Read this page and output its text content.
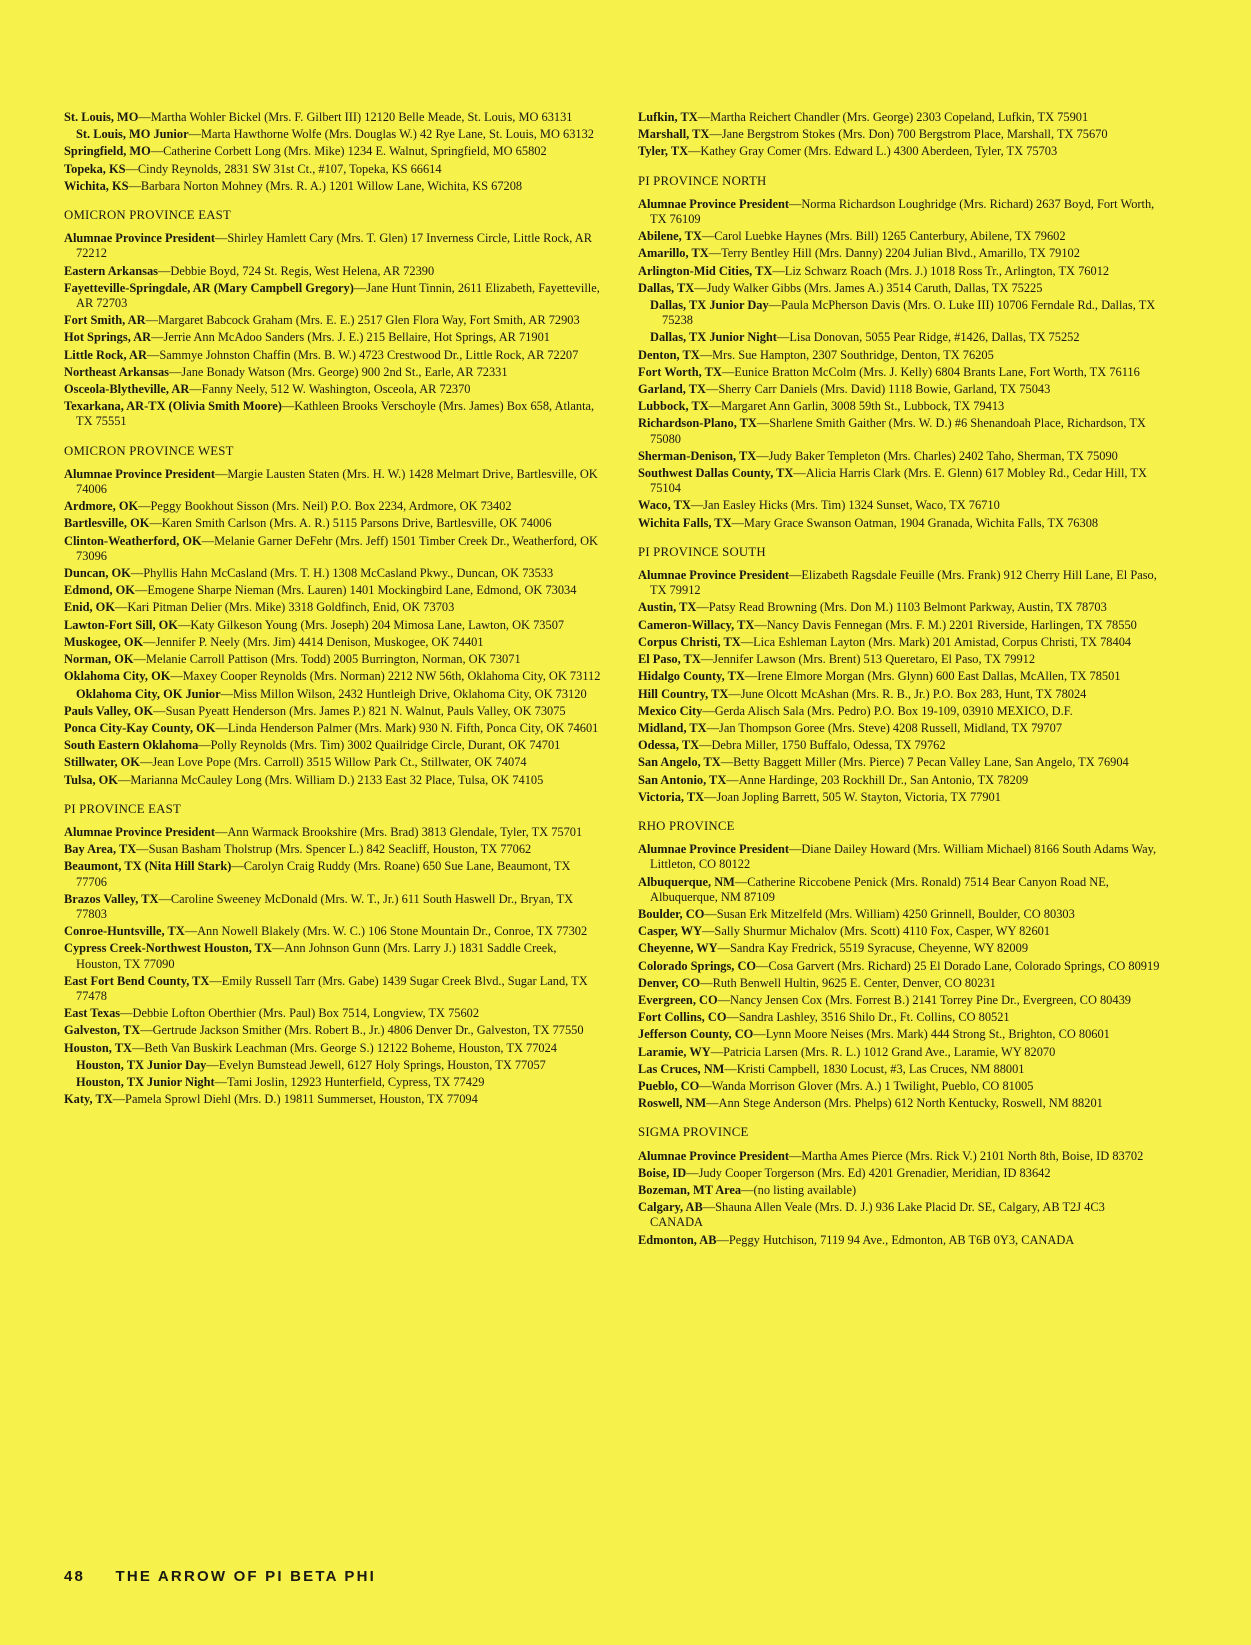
St. Louis, MO—Martha Wohler Bickel (Mrs. F. Gilbert III) 12120 Belle Meade, St. Louis, MO 63131
St. Louis, MO Junior—Marta Hawthorne Wolfe (Mrs. Douglas W.) 42 Rye Lane, St. Louis, MO 63132
Springfield, MO—Catherine Corbett Long (Mrs. Mike) 1234 E. Walnut, Springfield, MO 65802
Topeka, KS—Cindy Reynolds, 2831 SW 31st Ct., #107, Topeka, KS 66614
Wichita, KS—Barbara Norton Mohney (Mrs. R. A.) 1201 Willow Lane, Wichita, KS 67208
OMICRON PROVINCE EAST
Alumnae Province President—Shirley Hamlett Cary (Mrs. T. Glen) 17 Inverness Circle, Little Rock, AR 72212
Eastern Arkansas—Debbie Boyd, 724 St. Regis, West Helena, AR 72390
Fayetteville-Springdale, AR (Mary Campbell Gregory)—Jane Hunt Tinnin, 2611 Elizabeth, Fayetteville, AR 72703
Fort Smith, AR—Margaret Babcock Graham (Mrs. E. E.) 2517 Glen Flora Way, Fort Smith, AR 72903
Hot Springs, AR—Jerrie Ann McAdoo Sanders (Mrs. J. E.) 215 Bellaire, Hot Springs, AR 71901
Little Rock, AR—Sammye Johnston Chaffin (Mrs. B. W.) 4723 Crestwood Dr., Little Rock, AR 72207
Northeast Arkansas—Jane Bonady Watson (Mrs. George) 900 2nd St., Earle, AR 72331
Osceola-Blytheville, AR—Fanny Neely, 512 W. Washington, Osceola, AR 72370
Texarkana, AR-TX (Olivia Smith Moore)—Kathleen Brooks Verschoyle (Mrs. James) Box 658, Atlanta, TX 75551
OMICRON PROVINCE WEST
Alumnae Province President—Margie Lausten Staten (Mrs. H. W.) 1428 Melmart Drive, Bartlesville, OK 74006
Ardmore, OK—Peggy Bookhout Sisson (Mrs. Neil) P.O. Box 2234, Ardmore, OK 73402
Bartlesville, OK—Karen Smith Carlson (Mrs. A. R.) 5115 Parsons Drive, Bartlesville, OK 74006
Clinton-Weatherford, OK—Melanie Garner DeFehr (Mrs. Jeff) 1501 Timber Creek Dr., Weatherford, OK 73096
Duncan, OK—Phyllis Hahn McCasland (Mrs. T. H.) 1308 McCasland Pkwy., Duncan, OK 73533
Edmond, OK—Emogene Sharpe Nieman (Mrs. Lauren) 1401 Mockingbird Lane, Edmond, OK 73034
Enid, OK—Kari Pitman Delier (Mrs. Mike) 3318 Goldfinch, Enid, OK 73703
Lawton-Fort Sill, OK—Katy Gilkeson Young (Mrs. Joseph) 204 Mimosa Lane, Lawton, OK 73507
Muskogee, OK—Jennifer P. Neely (Mrs. Jim) 4414 Denison, Muskogee, OK 74401
Norman, OK—Melanie Carroll Pattison (Mrs. Todd) 2005 Burrington, Norman, OK 73071
Oklahoma City, OK—Maxey Cooper Reynolds (Mrs. Norman) 2212 NW 56th, Oklahoma City, OK 73112
Oklahoma City, OK Junior—Miss Millon Wilson, 2432 Huntleigh Drive, Oklahoma City, OK 73120
Pauls Valley, OK—Susan Pyeatt Henderson (Mrs. James P.) 821 N. Walnut, Pauls Valley, OK 73075
Ponca City-Kay County, OK—Linda Henderson Palmer (Mrs. Mark) 930 N. Fifth, Ponca City, OK 74601
South Eastern Oklahoma—Polly Reynolds (Mrs. Tim) 3002 Quailridge Circle, Durant, OK 74701
Stillwater, OK—Jean Love Pope (Mrs. Carroll) 3515 Willow Park Ct., Stillwater, OK 74074
Tulsa, OK—Marianna McCauley Long (Mrs. William D.) 2133 East 32 Place, Tulsa, OK 74105
PI PROVINCE EAST
Alumnae Province President—Ann Warmack Brookshire (Mrs. Brad) 3813 Glendale, Tyler, TX 75701
Bay Area, TX—Susan Basham Tholstrup (Mrs. Spencer L.) 842 Seacliff, Houston, TX 77062
Beaumont, TX (Nita Hill Stark)—Carolyn Craig Ruddy (Mrs. Roane) 650 Sue Lane, Beaumont, TX 77706
Brazos Valley, TX—Caroline Sweeney McDonald (Mrs. W. T., Jr.) 611 South Haswell Dr., Bryan, TX 77803
Conroe-Huntsville, TX—Ann Nowell Blakely (Mrs. W. C.) 106 Stone Mountain Dr., Conroe, TX 77302
Cypress Creek-Northwest Houston, TX—Ann Johnson Gunn (Mrs. Larry J.) 1831 Saddle Creek, Houston, TX 77090
East Fort Bend County, TX—Emily Russell Tarr (Mrs. Gabe) 1439 Sugar Creek Blvd., Sugar Land, TX 77478
East Texas—Debbie Lofton Oberthier (Mrs. Paul) Box 7514, Longview, TX 75602
Galveston, TX—Gertrude Jackson Smither (Mrs. Robert B., Jr.) 4806 Denver Dr., Galveston, TX 77550
Houston, TX—Beth Van Buskirk Leachman (Mrs. George S.) 12122 Boheme, Houston, TX 77024
Houston, TX Junior Day—Evelyn Bumstead Jewell, 6127 Holy Springs, Houston, TX 77057
Houston, TX Junior Night—Tami Joslin, 12923 Hunterfield, Cypress, TX 77429
Katy, TX—Pamela Sprowl Diehl (Mrs. D.) 19811 Summerset, Houston, TX 77094
Lufkin, TX—Martha Reichert Chandler (Mrs. George) 2303 Copeland, Lufkin, TX 75901
Marshall, TX—Jane Bergstrom Stokes (Mrs. Don) 700 Bergstrom Place, Marshall, TX 75670
Tyler, TX—Kathey Gray Comer (Mrs. Edward L.) 4300 Aberdeen, Tyler, TX 75703
PI PROVINCE NORTH
Alumnae Province President—Norma Richardson Loughridge (Mrs. Richard) 2637 Boyd, Fort Worth, TX 76109
Abilene, TX—Carol Luebke Haynes (Mrs. Bill) 1265 Canterbury, Abilene, TX 79602
Amarillo, TX—Terry Bentley Hill (Mrs. Danny) 2204 Julian Blvd., Amarillo, TX 79102
Arlington-Mid Cities, TX—Liz Schwarz Roach (Mrs. J.) 1018 Ross Tr., Arlington, TX 76012
Dallas, TX—Judy Walker Gibbs (Mrs. James A.) 3514 Caruth, Dallas, TX 75225
Dallas, TX Junior Day—Paula McPherson Davis (Mrs. O. Luke III) 10706 Ferndale Rd., Dallas, TX 75238
Dallas, TX Junior Night—Lisa Donovan, 5055 Pear Ridge, #1426, Dallas, TX 75252
Denton, TX—Mrs. Sue Hampton, 2307 Southridge, Denton, TX 76205
Fort Worth, TX—Eunice Bratton McColm (Mrs. J. Kelly) 6804 Brants Lane, Fort Worth, TX 76116
Garland, TX—Sherry Carr Daniels (Mrs. David) 1118 Bowie, Garland, TX 75043
Lubbock, TX—Margaret Ann Garlin, 3008 59th St., Lubbock, TX 79413
Richardson-Plano, TX—Sharlene Smith Gaither (Mrs. W. D.) #6 Shenandoah Place, Richardson, TX 75080
Sherman-Denison, TX—Judy Baker Templeton (Mrs. Charles) 2402 Taho, Sherman, TX 75090
Southwest Dallas County, TX—Alicia Harris Clark (Mrs. E. Glenn) 617 Mobley Rd., Cedar Hill, TX 75104
Waco, TX—Jan Easley Hicks (Mrs. Tim) 1324 Sunset, Waco, TX 76710
Wichita Falls, TX—Mary Grace Swanson Oatman, 1904 Granada, Wichita Falls, TX 76308
PI PROVINCE SOUTH
Alumnae Province President—Elizabeth Ragsdale Feuille (Mrs. Frank) 912 Cherry Hill Lane, El Paso, TX 79912
Austin, TX—Patsy Read Browning (Mrs. Don M.) 1103 Belmont Parkway, Austin, TX 78703
Cameron-Willacy, TX—Nancy Davis Fennegan (Mrs. F. M.) 2201 Riverside, Harlingen, TX 78550
Corpus Christi, TX—Lica Eshleman Layton (Mrs. Mark) 201 Amistad, Corpus Christi, TX 78404
El Paso, TX—Jennifer Lawson (Mrs. Brent) 513 Queretaro, El Paso, TX 79912
Hidalgo County, TX—Irene Elmore Morgan (Mrs. Glynn) 600 East Dallas, McAllen, TX 78501
Hill Country, TX—June Olcott McAshan (Mrs. R. B., Jr.) P.O. Box 283, Hunt, TX 78024
Mexico City—Gerda Alisch Sala (Mrs. Pedro) P.O. Box 19-109, 03910 MEXICO, D.F.
Midland, TX—Jan Thompson Goree (Mrs. Steve) 4208 Russell, Midland, TX 79707
Odessa, TX—Debra Miller, 1750 Buffalo, Odessa, TX 79762
San Angelo, TX—Betty Baggett Miller (Mrs. Pierce) 7 Pecan Valley Lane, San Angelo, TX 76904
San Antonio, TX—Anne Hardinge, 203 Rockhill Dr., San Antonio, TX 78209
Victoria, TX—Joan Jopling Barrett, 505 W. Stayton, Victoria, TX 77901
RHO PROVINCE
Alumnae Province President—Diane Dailey Howard (Mrs. William Michael) 8166 South Adams Way, Littleton, CO 80122
Albuquerque, NM—Catherine Riccobene Penick (Mrs. Ronald) 7514 Bear Canyon Road NE, Albuquerque, NM 87109
Boulder, CO—Susan Erk Mitzelfeld (Mrs. William) 4250 Grinnell, Boulder, CO 80303
Casper, WY—Sally Shurmur Michalov (Mrs. Scott) 4110 Fox, Casper, WY 82601
Cheyenne, WY—Sandra Kay Fredrick, 5519 Syracuse, Cheyenne, WY 82009
Colorado Springs, CO—Cosa Garvert (Mrs. Richard) 25 El Dorado Lane, Colorado Springs, CO 80919
Denver, CO—Ruth Benwell Hultin, 9625 E. Center, Denver, CO 80231
Evergreen, CO—Nancy Jensen Cox (Mrs. Forrest B.) 2141 Torrey Pine Dr., Evergreen, CO 80439
Fort Collins, CO—Sandra Lashley, 3516 Shilo Dr., Ft. Collins, CO 80521
Jefferson County, CO—Lynn Moore Neises (Mrs. Mark) 444 Strong St., Brighton, CO 80601
Laramie, WY—Patricia Larsen (Mrs. R. L.) 1012 Grand Ave., Laramie, WY 82070
Las Cruces, NM—Kristi Campbell, 1830 Locust, #3, Las Cruces, NM 88001
Pueblo, CO—Wanda Morrison Glover (Mrs. A.) 1 Twilight, Pueblo, CO 81005
Roswell, NM—Ann Stege Anderson (Mrs. Phelps) 612 North Kentucky, Roswell, NM 88201
SIGMA PROVINCE
Alumnae Province President—Martha Ames Pierce (Mrs. Rick V.) 2101 North 8th, Boise, ID 83702
Boise, ID—Judy Cooper Torgerson (Mrs. Ed) 4201 Grenadier, Meridian, ID 83642
Bozeman, MT Area—(no listing available)
Calgary, AB—Shauna Allen Veale (Mrs. D. J.) 936 Lake Placid Dr. SE, Calgary, AB T2J 4C3 CANADA
Edmonton, AB—Peggy Hutchison, 7119 94 Ave., Edmonton, AB T6B 0Y3, CANADA
48 THE ARROW OF PI BETA PHI
